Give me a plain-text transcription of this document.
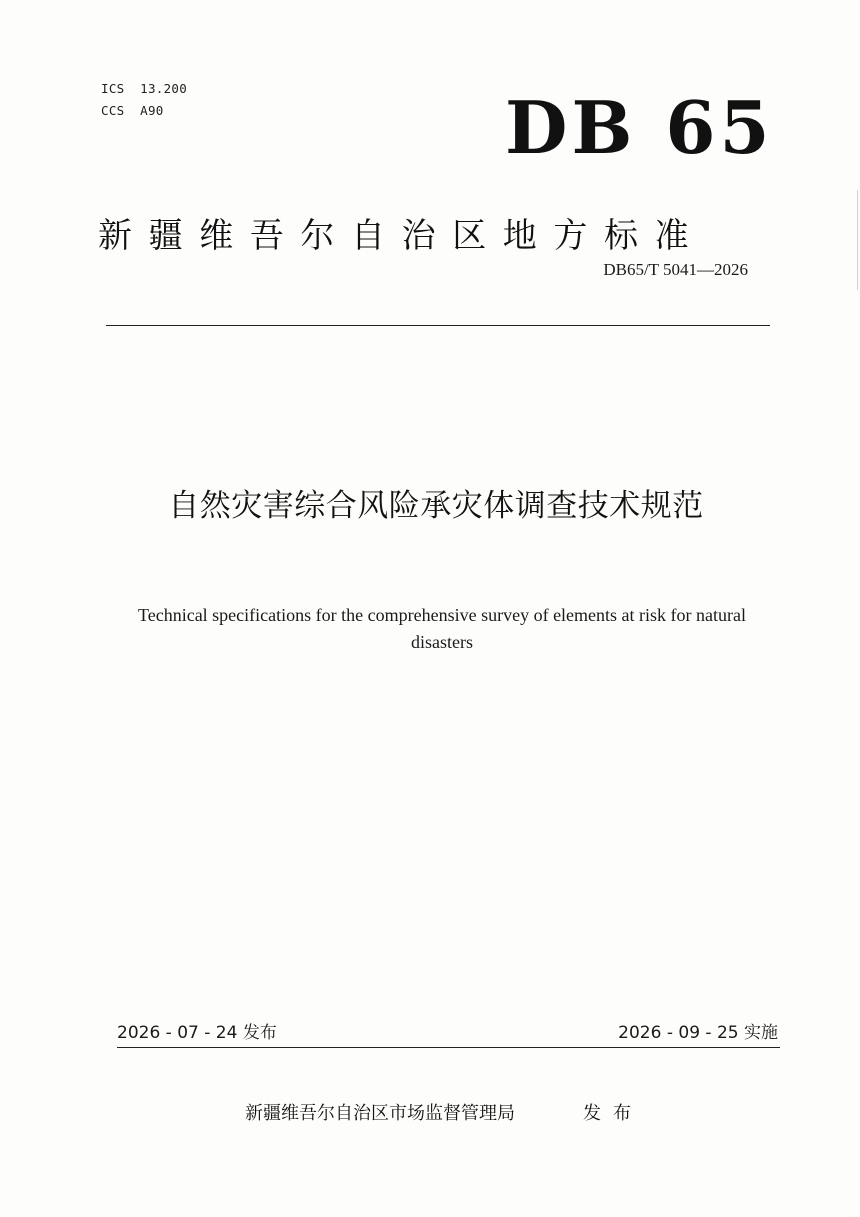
ICS  13.200
CCS  A90	DB 65
新疆维吾尔自治区地方标准
DB65/T 5041—2026
自然灾害综合风险承灾体调查技术规范
Technical specifications for the comprehensive survey of elements at risk for natural disasters
2026 - 07 - 24 发布	2026 - 09 - 25 实施
新疆维吾尔自治区市场监督管理局	发布
